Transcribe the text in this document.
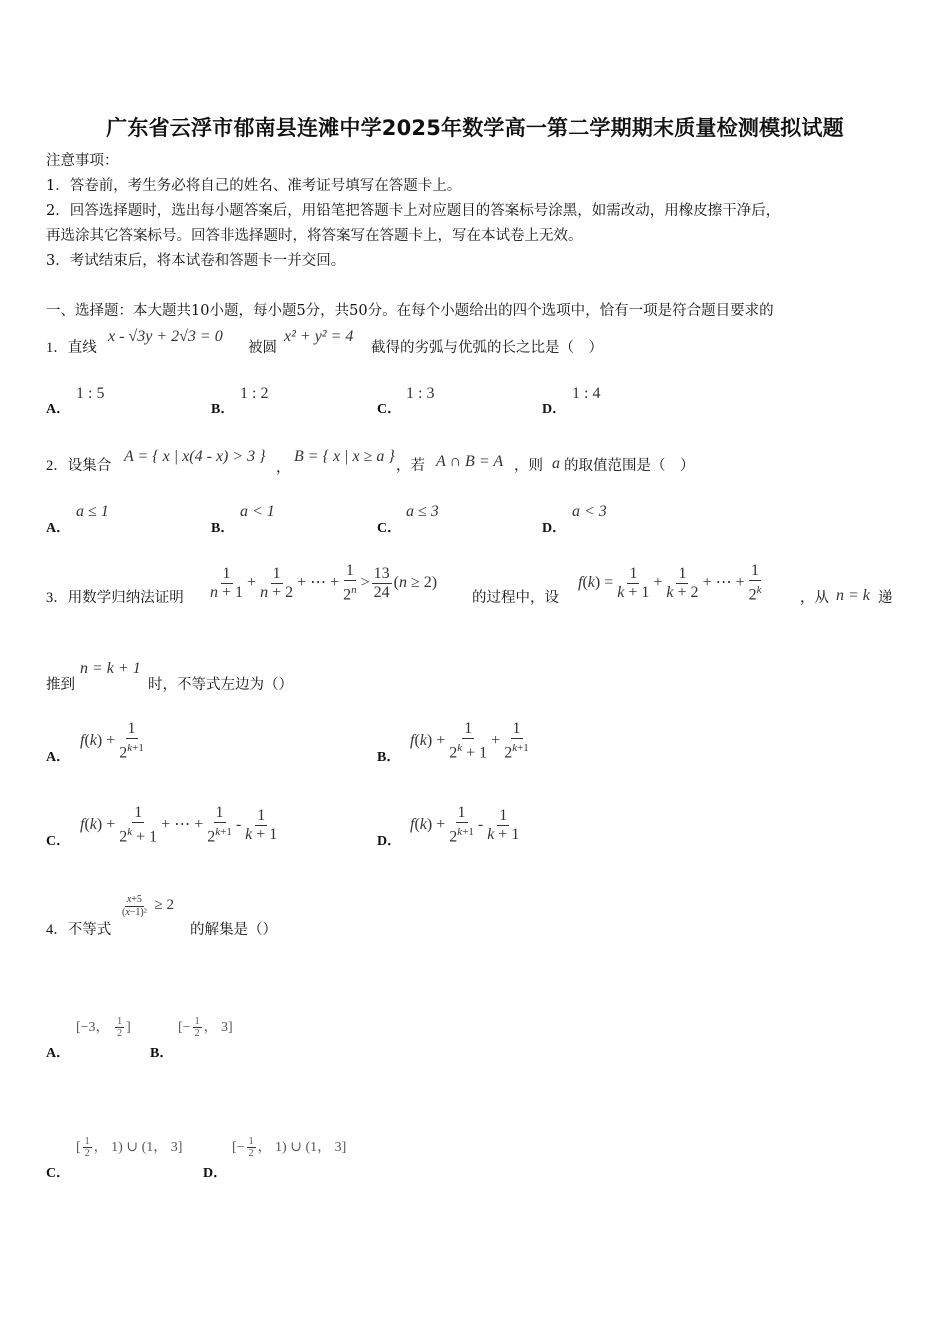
广东省云浮市郁南县连滩中学2025年数学高一第二学期期末质量检测模拟试题
注意事项：
1．答卷前，考生务必将自己的姓名、准考证号填写在答题卡上。
2．回答选择题时，选出每小题答案后，用铅笔把答题卡上对应题目的答案标号涂黑，如需改动，用橡皮擦干净后，
再选涂其它答案标号。回答非选择题时，将答案写在答题卡上，写在本试卷上无效。
3．考试结束后，将本试卷和答题卡一并交回。
一、选择题：本大题共10小题，每小题5分，共50分。在每个小题给出的四个选项中，恰有一项是符合题目要求的
1．直线
x - √3y + 2√3 = 0
被圆
x² + y² = 4
截得的劣弧与优弧的长之比是（　）
A．
1 : 5
B．
1 : 2
C．
1 : 3
D．
1 : 4
2．设集合
A = { x | x(4 - x) > 3 }
，
B = { x | x ≥ a }
，若 A ∩ B = A ，则 a 的取值范围是（　）
A．
a ≤ 1
B．
a < 1
C．
a ≤ 3
D．
a < 3
3．用数学归纳法证明 $\frac{1}{n + 1} + \frac{1}{n + 2}$ + ⋯ + $\frac{1}{2^n} > \frac{13}{24} (n \ge 2)$
的过程中，设
$f(k) = \frac{1}{k + 1} + \frac{1}{k + 2}$ + ⋯ + $\frac{1}{2^k}$	，从 n = k 递
推到
n = k + 1
时，不等式左边为（）
A．
$f(k) + \frac{1}{2^{k+1}}$	B．
$f(k) + \frac{1}{2^k + 1} + \frac{1}{2^{k+1}}$
C．
$f(k) + \frac{1}{2^k + 1}$ + ⋯ + $\frac{1}{2^{k+1}} - \frac{1}{k + 1}$	D．
$f(k) + \frac{1}{2^{k+1}} - \frac{1}{k + 1}$
4．不等式
$\frac{x+5}{\text{(x−1)²}} \ge 2$
的解集是（）
A．
[−3， $\frac{1}{2}$ ]
B．
[− $\frac{1}{2}$ ， 3]
C．
[ $\frac{1}{2}$ ， 1) ∪ (1， 3]
D．
[− $\frac{1}{2}$ ， 1) ∪ (1， 3]
